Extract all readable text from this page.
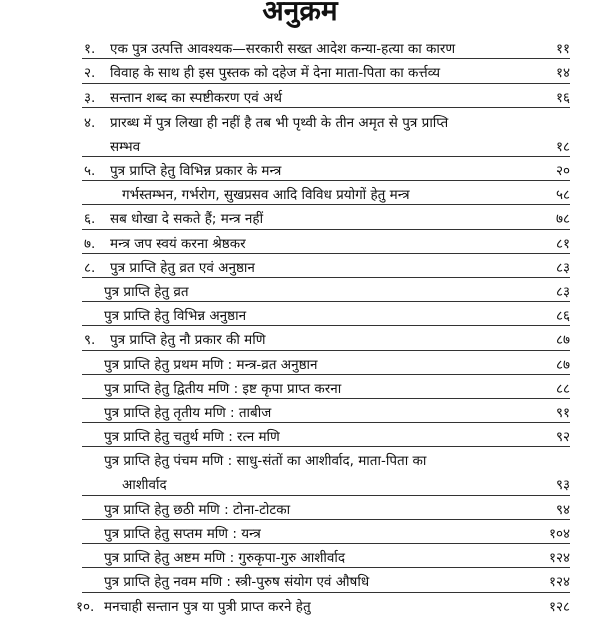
अनुक्रम
१. एक पुत्र उत्पत्ति आवश्यक—सरकारी सख्त आदेश कन्या-हत्या का कारण	११
२. विवाह के साथ ही इस पुस्तक को दहेज में देना माता-पिता का कर्त्तव्य	१४
३. सन्तान शब्द का स्पष्टीकरण एवं अर्थ	१६
४. प्रारब्ध में पुत्र लिखा ही नहीं है तब भी पृथ्वी के तीन अमृत से पुत्र प्राप्ति
सम्भव	१८
५. पुत्र प्राप्ति हेतु विभिन्न प्रकार के मन्त्र	२०
गर्भस्तम्भन, गर्भरोग, सुखप्रसव आदि विविध प्रयोगों हेतु मन्त्र	५८
६. सब धोखा दे सकते हैं; मन्त्र नहीं	७८
७. मन्त्र जप स्वयं करना श्रेष्ठकर	८१
८. पुत्र प्राप्ति हेतु व्रत एवं अनुष्ठान	८३
पुत्र प्राप्ति हेतु व्रत	८३
पुत्र प्राप्ति हेतु विभिन्न अनुष्ठान	८६
९. पुत्र प्राप्ति हेतु नौ प्रकार की मणि	८७
पुत्र प्राप्ति हेतु प्रथम मणि : मन्त्र-व्रत अनुष्ठान	८७
पुत्र प्राप्ति हेतु द्वितीय मणि : इष्ट कृपा प्राप्त करना	८८
पुत्र प्राप्ति हेतु तृतीय मणि : ताबीज	९१
पुत्र प्राप्ति हेतु चतुर्थ मणि : रत्न मणि	९२
पुत्र प्राप्ति हेतु पंचम मणि : साधु-संतों का आशीर्वाद, माता-पिता का
आशीर्वाद	९३
पुत्र प्राप्ति हेतु छठी मणि : टोना-टोटका	९४
पुत्र प्राप्ति हेतु सप्तम मणि : यन्त्र	१०४
पुत्र प्राप्ति हेतु अष्टम मणि : गुरुकृपा-गुरु आशीर्वाद	१२४
पुत्र प्राप्ति हेतु नवम मणि : स्त्री-पुरुष संयोग एवं औषधि	१२४
१०. मनचाही सन्तान पुत्र या पुत्री प्राप्त करने हेतु	१२८
